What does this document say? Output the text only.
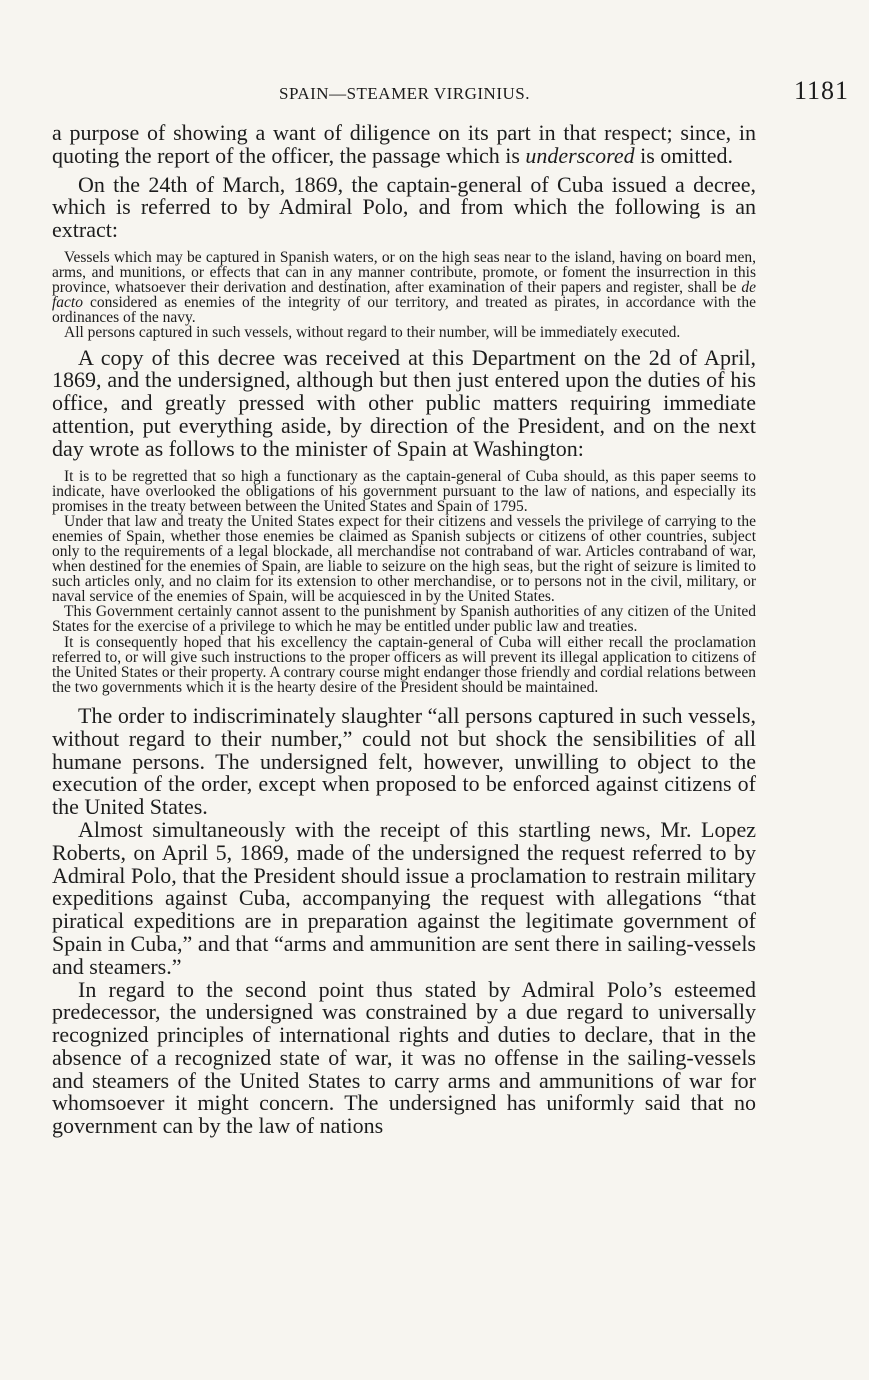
SPAIN—STEAMER VIRGINIUS.	1181

a purpose of showing a want of diligence on its part in that respect; since, in quoting the report of the officer, the passage which is underscored is omitted.

On the 24th of March, 1869, the captain-general of Cuba issued a decree, which is referred to by Admiral Polo, and from which the following is an extract:

Vessels which may be captured in Spanish waters, or on the high seas near to the island, having on board men, arms, and munitions, or effects that can in any manner contribute, promote, or foment the insurrection in this province, whatsoever their derivation and destination, after examination of their papers and register, shall be de facto considered as enemies of the integrity of our territory, and treated as pirates, in accordance with the ordinances of the navy.

All persons captured in such vessels, without regard to their number, will be immediately executed.

A copy of this decree was received at this Department on the 2d of April, 1869, and the undersigned, although but then just entered upon the duties of his office, and greatly pressed with other public matters requiring immediate attention, put everything aside, by direction of the President, and on the next day wrote as follows to the minister of Spain at Washington:

It is to be regretted that so high a functionary as the captain-general of Cuba should, as this paper seems to indicate, have overlooked the obligations of his government pursuant to the law of nations, and especially its promises in the treaty between between the United States and Spain of 1795.

Under that law and treaty the United States expect for their citizens and vessels the privilege of carrying to the enemies of Spain, whether those enemies be claimed as Spanish subjects or citizens of other countries, subject only to the requirements of a legal blockade, all merchandise not contraband of war. Articles contraband of war, when destined for the enemies of Spain, are liable to seizure on the high seas, but the right of seizure is limited to such articles only, and no claim for its extension to other merchandise, or to persons not in the civil, military, or naval service of the enemies of Spain, will be acquiesced in by the United States.

This Government certainly cannot assent to the punishment by Spanish authorities of any citizen of the United States for the exercise of a privilege to which he may be entitled under public law and treaties.

It is consequently hoped that his excellency the captain-general of Cuba will either recall the proclamation referred to, or will give such instructions to the proper officers as will prevent its illegal application to citizens of the United States or their property. A contrary course might endanger those friendly and cordial relations between the two governments which it is the hearty desire of the President should be maintained.

The order to indiscriminately slaughter “all persons captured in such vessels, without regard to their number,” could not but shock the sensibilities of all humane persons. The undersigned felt, however, unwilling to object to the execution of the order, except when proposed to be enforced against citizens of the United States.

Almost simultaneously with the receipt of this startling news, Mr. Lopez Roberts, on April 5, 1869, made of the undersigned the request referred to by Admiral Polo, that the President should issue a proclamation to restrain military expeditions against Cuba, accompanying the request with allegations “that piratical expeditions are in preparation against the legitimate government of Spain in Cuba,” and that “arms and ammunition are sent there in sailing-vessels and steamers.”

In regard to the second point thus stated by Admiral Polo’s esteemed predecessor, the undersigned was constrained by a due regard to universally recognized principles of international rights and duties to declare, that in the absence of a recognized state of war, it was no offense in the sailing-vessels and steamers of the United States to carry arms and ammunitions of war for whomsoever it might concern. The undersigned has uniformly said that no government can by the law of nations
